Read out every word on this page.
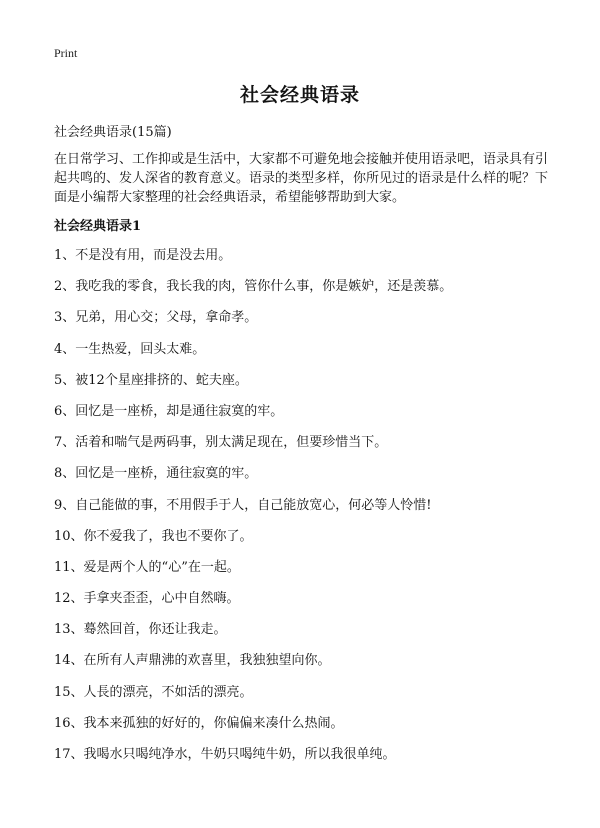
Print
社会经典语录
社会经典语录(15篇)

在日常学习、工作抑或是生活中，大家都不可避免地会接触并使用语录吧，语录具有引起共鸣的、发人深省的教育意义。语录的类型多样，你所见过的语录是什么样的呢？下面是小编帮大家整理的社会经典语录，希望能够帮助到大家。

社会经典语录1
1、不是没有用，而是没去用。
2、我吃我的零食，我长我的肉，管你什么事，你是嫉妒，还是羡慕。
3、兄弟，用心交；父母，拿命孝。
4、一生热爱，回头太难。
5、被12个星座排挤的、蛇夫座。
6、回忆是一座桥，却是通往寂寞的牢。
7、活着和喘气是两码事，别太满足现在，但要珍惜当下。
8、回忆是一座桥，通往寂寞的牢。
9、自己能做的事，不用假手于人，自己能放宽心，何必等人怜惜!
10、你不爱我了，我也不要你了。
11、爱是两个人的“心”在一起。
12、手拿夹歪歪，心中自然嗨。
13、蓦然回首，你还让我走。
14、在所有人声鼎沸的欢喜里，我独独望向你。
15、人長的漂亮，不如活的漂亮。
16、我本来孤独的好好的，你偏偏来凑什么热闹。
17、我喝水只喝纯净水，牛奶只喝纯牛奶，所以我很单纯。
